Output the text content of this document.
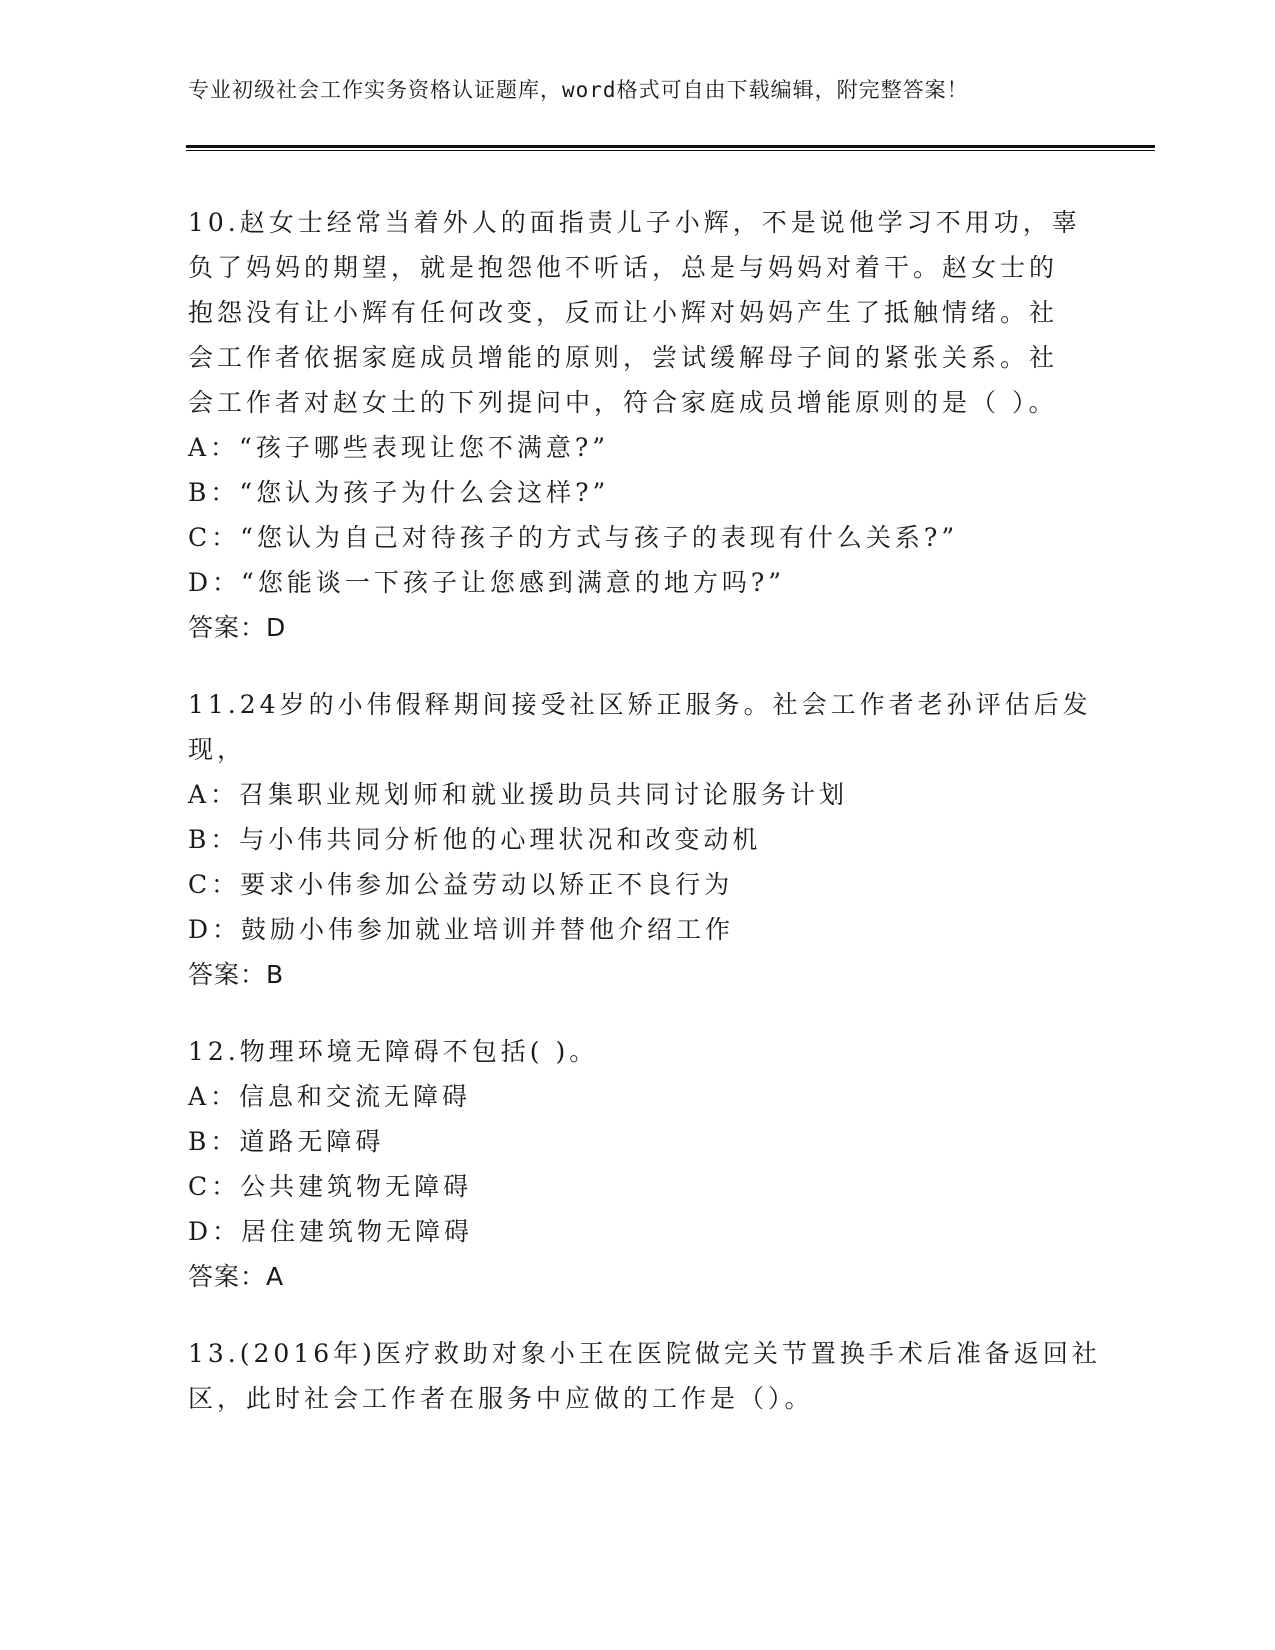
专业初级社会工作实务资格认证题库，word格式可自由下载编辑，附完整答案！
10.赵女士经常当着外人的面指责儿子小辉，不是说他学习不用功，辜
负了妈妈的期望，就是抱怨他不听话，总是与妈妈对着干。赵女士的
抱怨没有让小辉有任何改变，反而让小辉对妈妈产生了抵触情绪。社
会工作者依据家庭成员增能的原则，尝试缓解母子间的紧张关系。社
会工作者对赵女土的下列提问中，符合家庭成员增能原则的是（ ）。
A：“孩子哪些表现让您不满意?”
B：“您认为孩子为什么会这样?”
C：“您认为自己对待孩子的方式与孩子的表现有什么关系?”
D：“您能谈一下孩子让您感到满意的地方吗?”
答案：D
11.24岁的小伟假释期间接受社区矫正服务。社会工作者老孙评估后发
现，
A：召集职业规划师和就业援助员共同讨论服务计划
B：与小伟共同分析他的心理状况和改变动机
C：要求小伟参加公益劳动以矫正不良行为
D：鼓励小伟参加就业培训并替他介绍工作
答案：B
12.物理环境无障碍不包括( )。
A：信息和交流无障碍
B：道路无障碍
C：公共建筑物无障碍
D：居住建筑物无障碍
答案：A
13.(2016年)医疗救助对象小王在医院做完关节置换手术后准备返回社
区，此时社会工作者在服务中应做的工作是（）。
